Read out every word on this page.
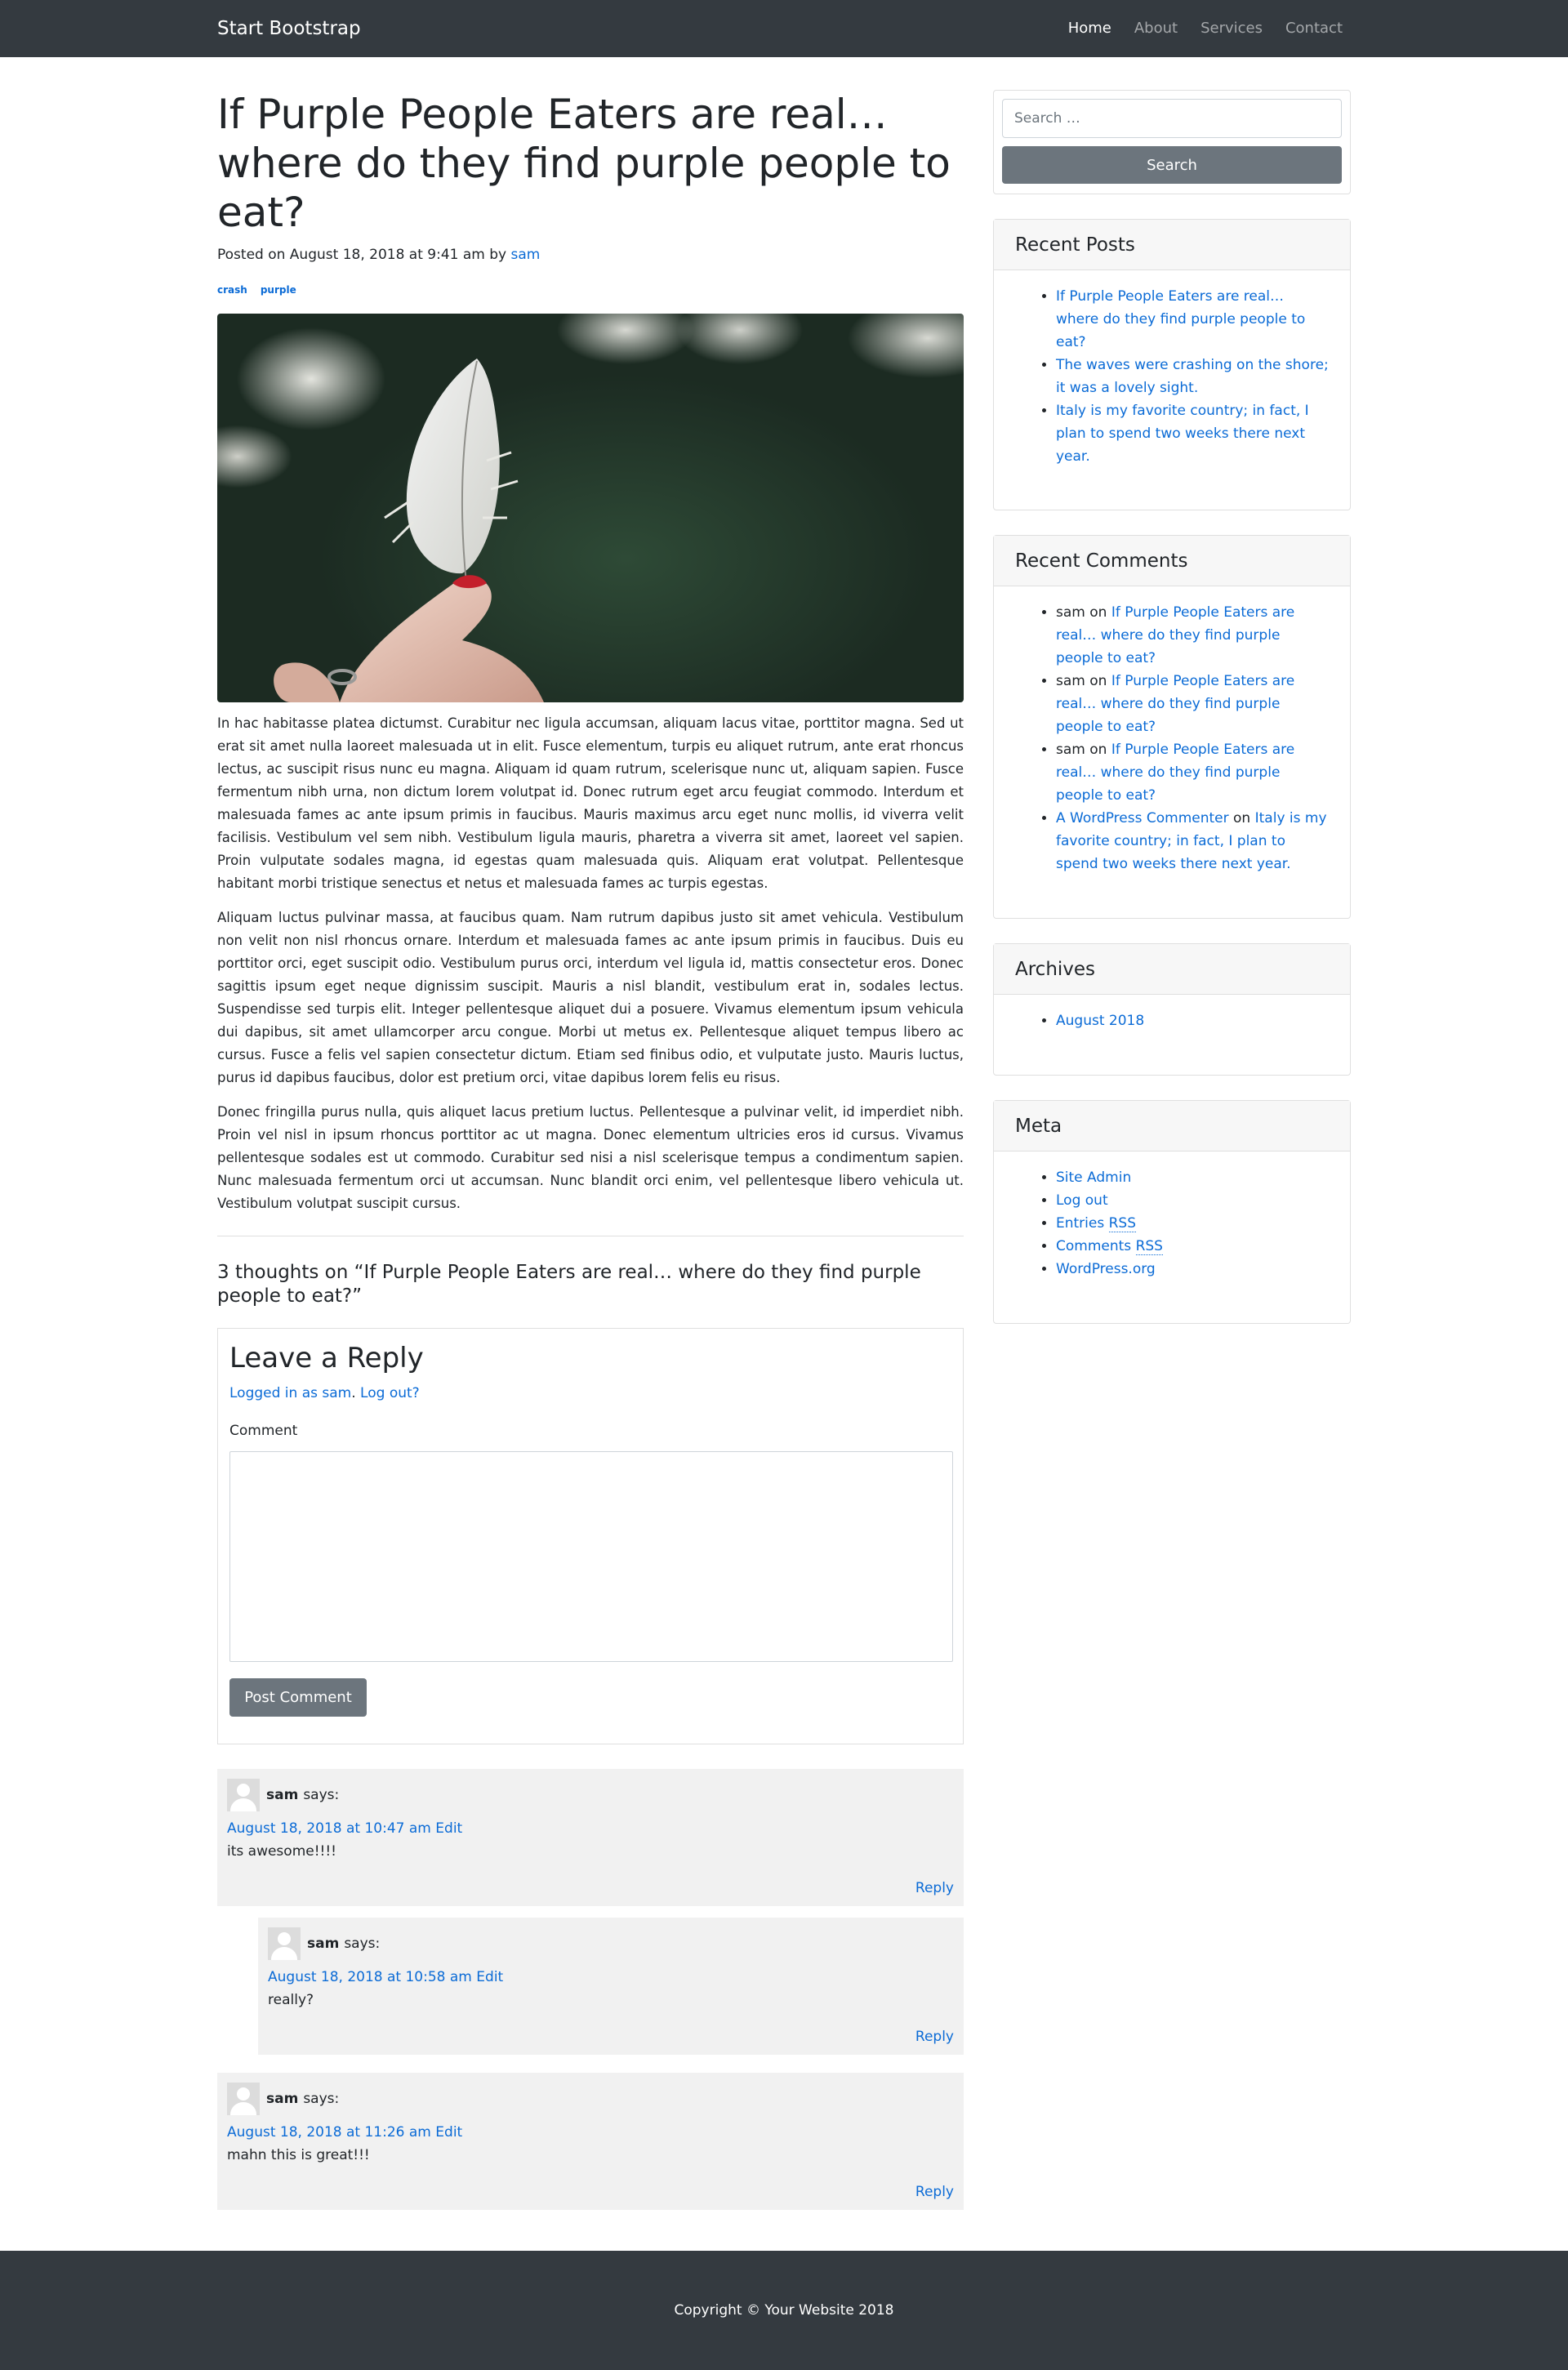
Start Bootstrap	Home About Services Contact
If Purple People Eaters are real… where do they find purple people to eat?
Posted on August 18, 2018 at 9:41 am by sam
crash purple

In hac habitasse platea dictumst. Curabitur nec ligula accumsan, aliquam lacus vitae, porttitor magna. Sed ut erat sit amet nulla laoreet malesuada ut in elit. Fusce elementum, turpis eu aliquet rutrum, ante erat rhoncus lectus, ac suscipit risus nunc eu magna. Aliquam id quam rutrum, scelerisque nunc ut, aliquam sapien. Fusce fermentum nibh urna, non dictum lorem volutpat id. Donec rutrum eget arcu feugiat commodo. Interdum et malesuada fames ac ante ipsum primis in faucibus. Mauris maximus arcu eget nunc mollis, id viverra velit facilisis. Vestibulum vel sem nibh. Vestibulum ligula mauris, pharetra a viverra sit amet, laoreet vel sapien. Proin vulputate sodales magna, id egestas quam malesuada quis. Aliquam erat volutpat. Pellentesque habitant morbi tristique senectus et netus et malesuada fames ac turpis egestas.

Aliquam luctus pulvinar massa, at faucibus quam. Nam rutrum dapibus justo sit amet vehicula. Vestibulum non velit non nisl rhoncus ornare. Interdum et malesuada fames ac ante ipsum primis in faucibus. Duis eu porttitor orci, eget suscipit odio. Vestibulum purus orci, interdum vel ligula id, mattis consectetur eros. Donec sagittis ipsum eget neque dignissim suscipit. Mauris a nisl blandit, vestibulum erat in, sodales lectus. Suspendisse sed turpis elit. Integer pellentesque aliquet dui a posuere. Vivamus elementum ipsum vehicula dui dapibus, sit amet ullamcorper arcu congue. Morbi ut metus ex. Pellentesque aliquet tempus libero ac cursus. Fusce a felis vel sapien consectetur dictum. Etiam sed finibus odio, et vulputate justo. Mauris luctus, purus id dapibus faucibus, dolor est pretium orci, vitae dapibus lorem felis eu risus.

Donec fringilla purus nulla, quis aliquet lacus pretium luctus. Pellentesque a pulvinar velit, id imperdiet nibh. Proin vel nisl in ipsum rhoncus porttitor ac ut magna. Donec elementum ultricies eros id cursus. Vivamus pellentesque sodales est ut commodo. Curabitur sed nisi a nisl scelerisque tempus a condimentum sapien. Nunc malesuada fermentum orci ut accumsan. Nunc blandit orci enim, vel pellentesque libero vehicula ut. Vestibulum volutpat suscipit cursus.

3 thoughts on “If Purple People Eaters are real… where do they find purple people to eat?”
Leave a Reply
Logged in as sam. Log out?
Comment
Post Comment
sam says:
August 18, 2018 at 10:47 am Edit
its awesome!!!!
Reply
sam says:
August 18, 2018 at 10:58 am Edit
really?
Reply
sam says:
August 18, 2018 at 11:26 am Edit
mahn this is great!!!
Reply
Search … Search
Recent Posts
• If Purple People Eaters are real… where do they find purple people to eat?
• The waves were crashing on the shore; it was a lovely sight.
• Italy is my favorite country; in fact, I plan to spend two weeks there next year.
Recent Comments
• sam on If Purple People Eaters are real… where do they find purple people to eat?
• sam on If Purple People Eaters are real… where do they find purple people to eat?
• sam on If Purple People Eaters are real… where do they find purple people to eat?
• A WordPress Commenter on Italy is my favorite country; in fact, I plan to spend two weeks there next year.
Archives
• August 2018
Meta
• Site Admin
• Log out
• Entries RSS
• Comments RSS
• WordPress.org
Copyright © Your Website 2018
